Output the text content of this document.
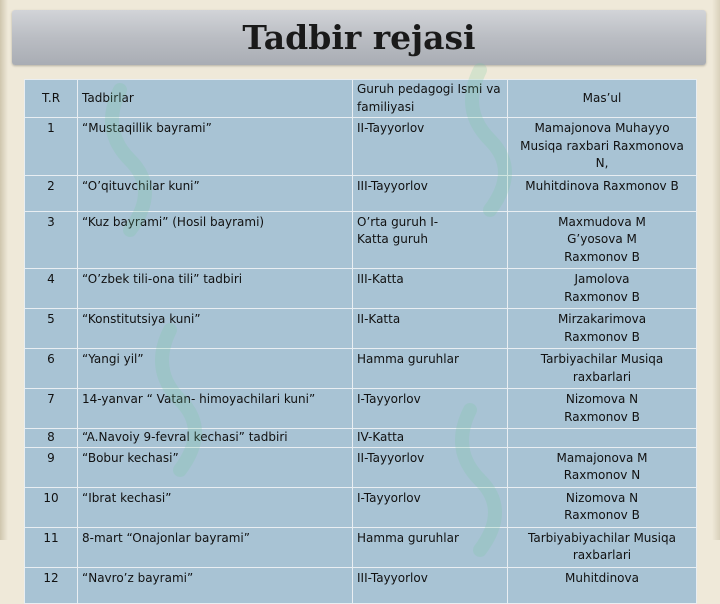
Tadbir rejasi
T.R	Tadbirlar	Guruh pedagogi Ismi va familiyasi	Mas’ul
1	“Mustaqillik bayrami”	II-Tayyorlov	Mamajonova Muhayyo Musiqa raxbari Raxmonova N,
2	“O’qituvchilar kuni”	III-Tayyorlov	Muhitdinova Raxmonov B
3	“Kuz bayrami” (Hosil bayrami)	O’rta guruh I-Katta guruh	Maxmudova M G’yosova M Raxmonov B
4	“O’zbek tili-ona tili” tadbiri	III-Katta	Jamolova Raxmonov B
5	“Konstitutsiya kuni”	II-Katta	Mirzakarimova Raxmonov B
6	“Yangi yil”	Hamma guruhlar	Tarbiyachilar Musiqa raxbarlari
7	14-yanvar “ Vatan- himoyachilari kuni”	I-Tayyorlov	Nizomova N Raxmonov B
8	“A.Navoiy 9-fevral kechasi” tadbiri	IV-Katta	
9	“Bobur kechasi”	II-Tayyorlov	Mamajonova M Raxmonov N
10	“Ibrat kechasi”	I-Tayyorlov	Nizomova N Raxmonov B
11	8-mart “Onajonlar bayrami”	Hamma guruhlar	Tarbiyabiyachilar Musiqa raxbarlari
12	“Navro’z bayrami”	III-Tayyorlov	Muhitdinova
